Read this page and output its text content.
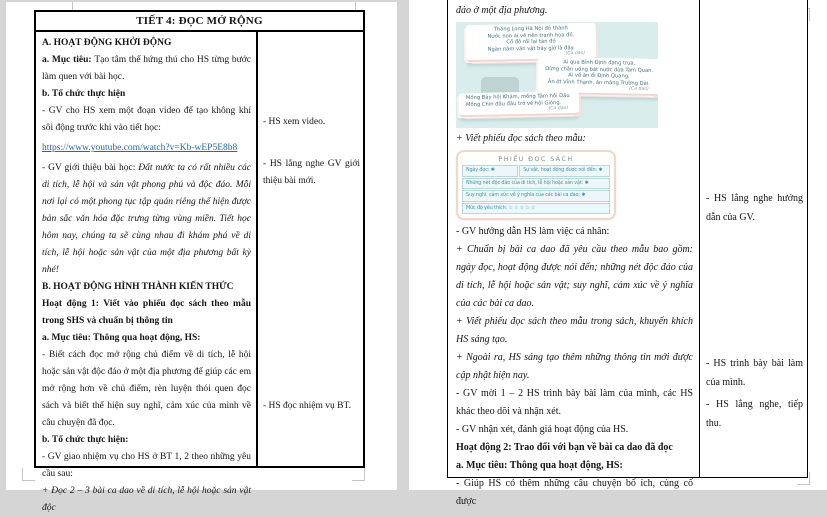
TIẾT 4: ĐỌC MỞ RỘNG

A. HOẠT ĐỘNG KHỞI ĐỘNG

a. Mục tiêu: Tạo tâm thế hứng thú cho HS từng bước làm quen với bài học.

b. Tổ chức thực hiện

- GV cho HS xem một đoạn video để tạo không khí sôi động trước khi vào tiết học:

https://www.youtube.com/watch?v=Kb-wEP5E8b8

- GV giới thiệu bài học: Đất nước ta có rất nhiều các di tích, lễ hội và sản vật phong phú và độc đáo. Mỗi nơi lại có một phong tục tập quán riêng thể hiện được bản sắc văn hóa đặc trưng từng vùng miền. Tiết học hôm nay, chúng ta sẽ cùng nhau đi khám phá về di tích, lễ hội hoặc sản vật của một địa phương bất kỳ nhé!

B. HOẠT ĐỘNG HÌNH THÀNH KIẾN THỨC

Hoạt động 1: Viết vào phiếu đọc sách theo mẫu trong SHS và chuẩn bị thông tin

a. Mục tiêu: Thông qua hoạt động, HS:

- Biết cách đọc mở rộng chủ điểm về di tích, lễ hội hoặc sản vật độc đáo ở một địa phương để giúp các em mở rộng hơn về chủ điểm, rèn luyện thói quen đọc sách và biết thể hiện suy nghĩ, cảm xúc của mình về câu chuyện đã đọc.

b. Tổ chức thực hiện:

- GV giao nhiệm vụ cho HS ở BT 1, 2 theo những yêu cầu sau:

+ Đọc 2 – 3 bài ca dao về di tích, lễ hội hoặc sản vật độc

- HS xem video.

- HS lắng nghe GV giới thiệu bài mới.

- HS đọc nhiệm vụ BT.

đảo ở một địa phương.

Thăng Long Hà Nội đô thành
Nước non ai vẽ nên tranh họa đồ.
Cố đô rồi lại tân đô
Ngàn năm văn vật bây giờ là đây.
(Ca dao)
Ai qua Bình Định đang trưa,
Dừng chân uống bát nước dừa Tam Quan.
Ai về ăn ổi Định Quang,
Ăn ớt Vĩnh Thạnh, ăn măng Trường Dài.
(Ca dao)
Mồng Bảy hội Khám, mồng Tám hội Dâu
Mồng Chín đâu đâu trở về hội Gióng.
(Ca dao)

+ Viết phiếu đọc sách theo mẫu:

PHIẾU ĐỌC SÁCH
Ngày đọc: ✱	Sự vật, hoạt động được nói đến: ✱
Những nét độc đáo của di tích, lễ hội hoặc sản vật: ✱
Suy nghĩ, cảm xúc về ý nghĩa của các bài ca dao: ✱
Mức độ yêu thích: ☆ ☆ ☆ ☆ ☆

- GV hướng dẫn HS làm việc cá nhân:

+ Chuẩn bị bài ca dao đã yêu cầu theo mẫu bao gồm: ngày đọc, hoạt động được nói đến; những nét độc đáo của di tích, lễ hội hoặc sản vật; suy nghĩ, cảm xúc về ý nghĩa của các bài ca dao.

+ Viết phiếu đọc sách theo mẫu trong sách, khuyến khích HS sáng tạo.

+ Ngoài ra, HS sáng tạo thêm những thông tin mới được cập nhật hiện nay.

- GV mời 1 – 2 HS trình bày bài làm của mình, các HS khác theo dõi và nhận xét.

- GV nhận xét, đánh giá hoạt động của HS.

Hoạt động 2: Trao đổi với bạn về bài ca dao đã đọc

a. Mục tiêu: Thông qua hoạt động, HS:

- Giúp HS có thêm những câu chuyện bổ ích, củng cố được

- HS lắng nghe hướng dẫn của GV.

- HS trình bày bài làm của mình.

- HS lắng nghe, tiếp thu.
